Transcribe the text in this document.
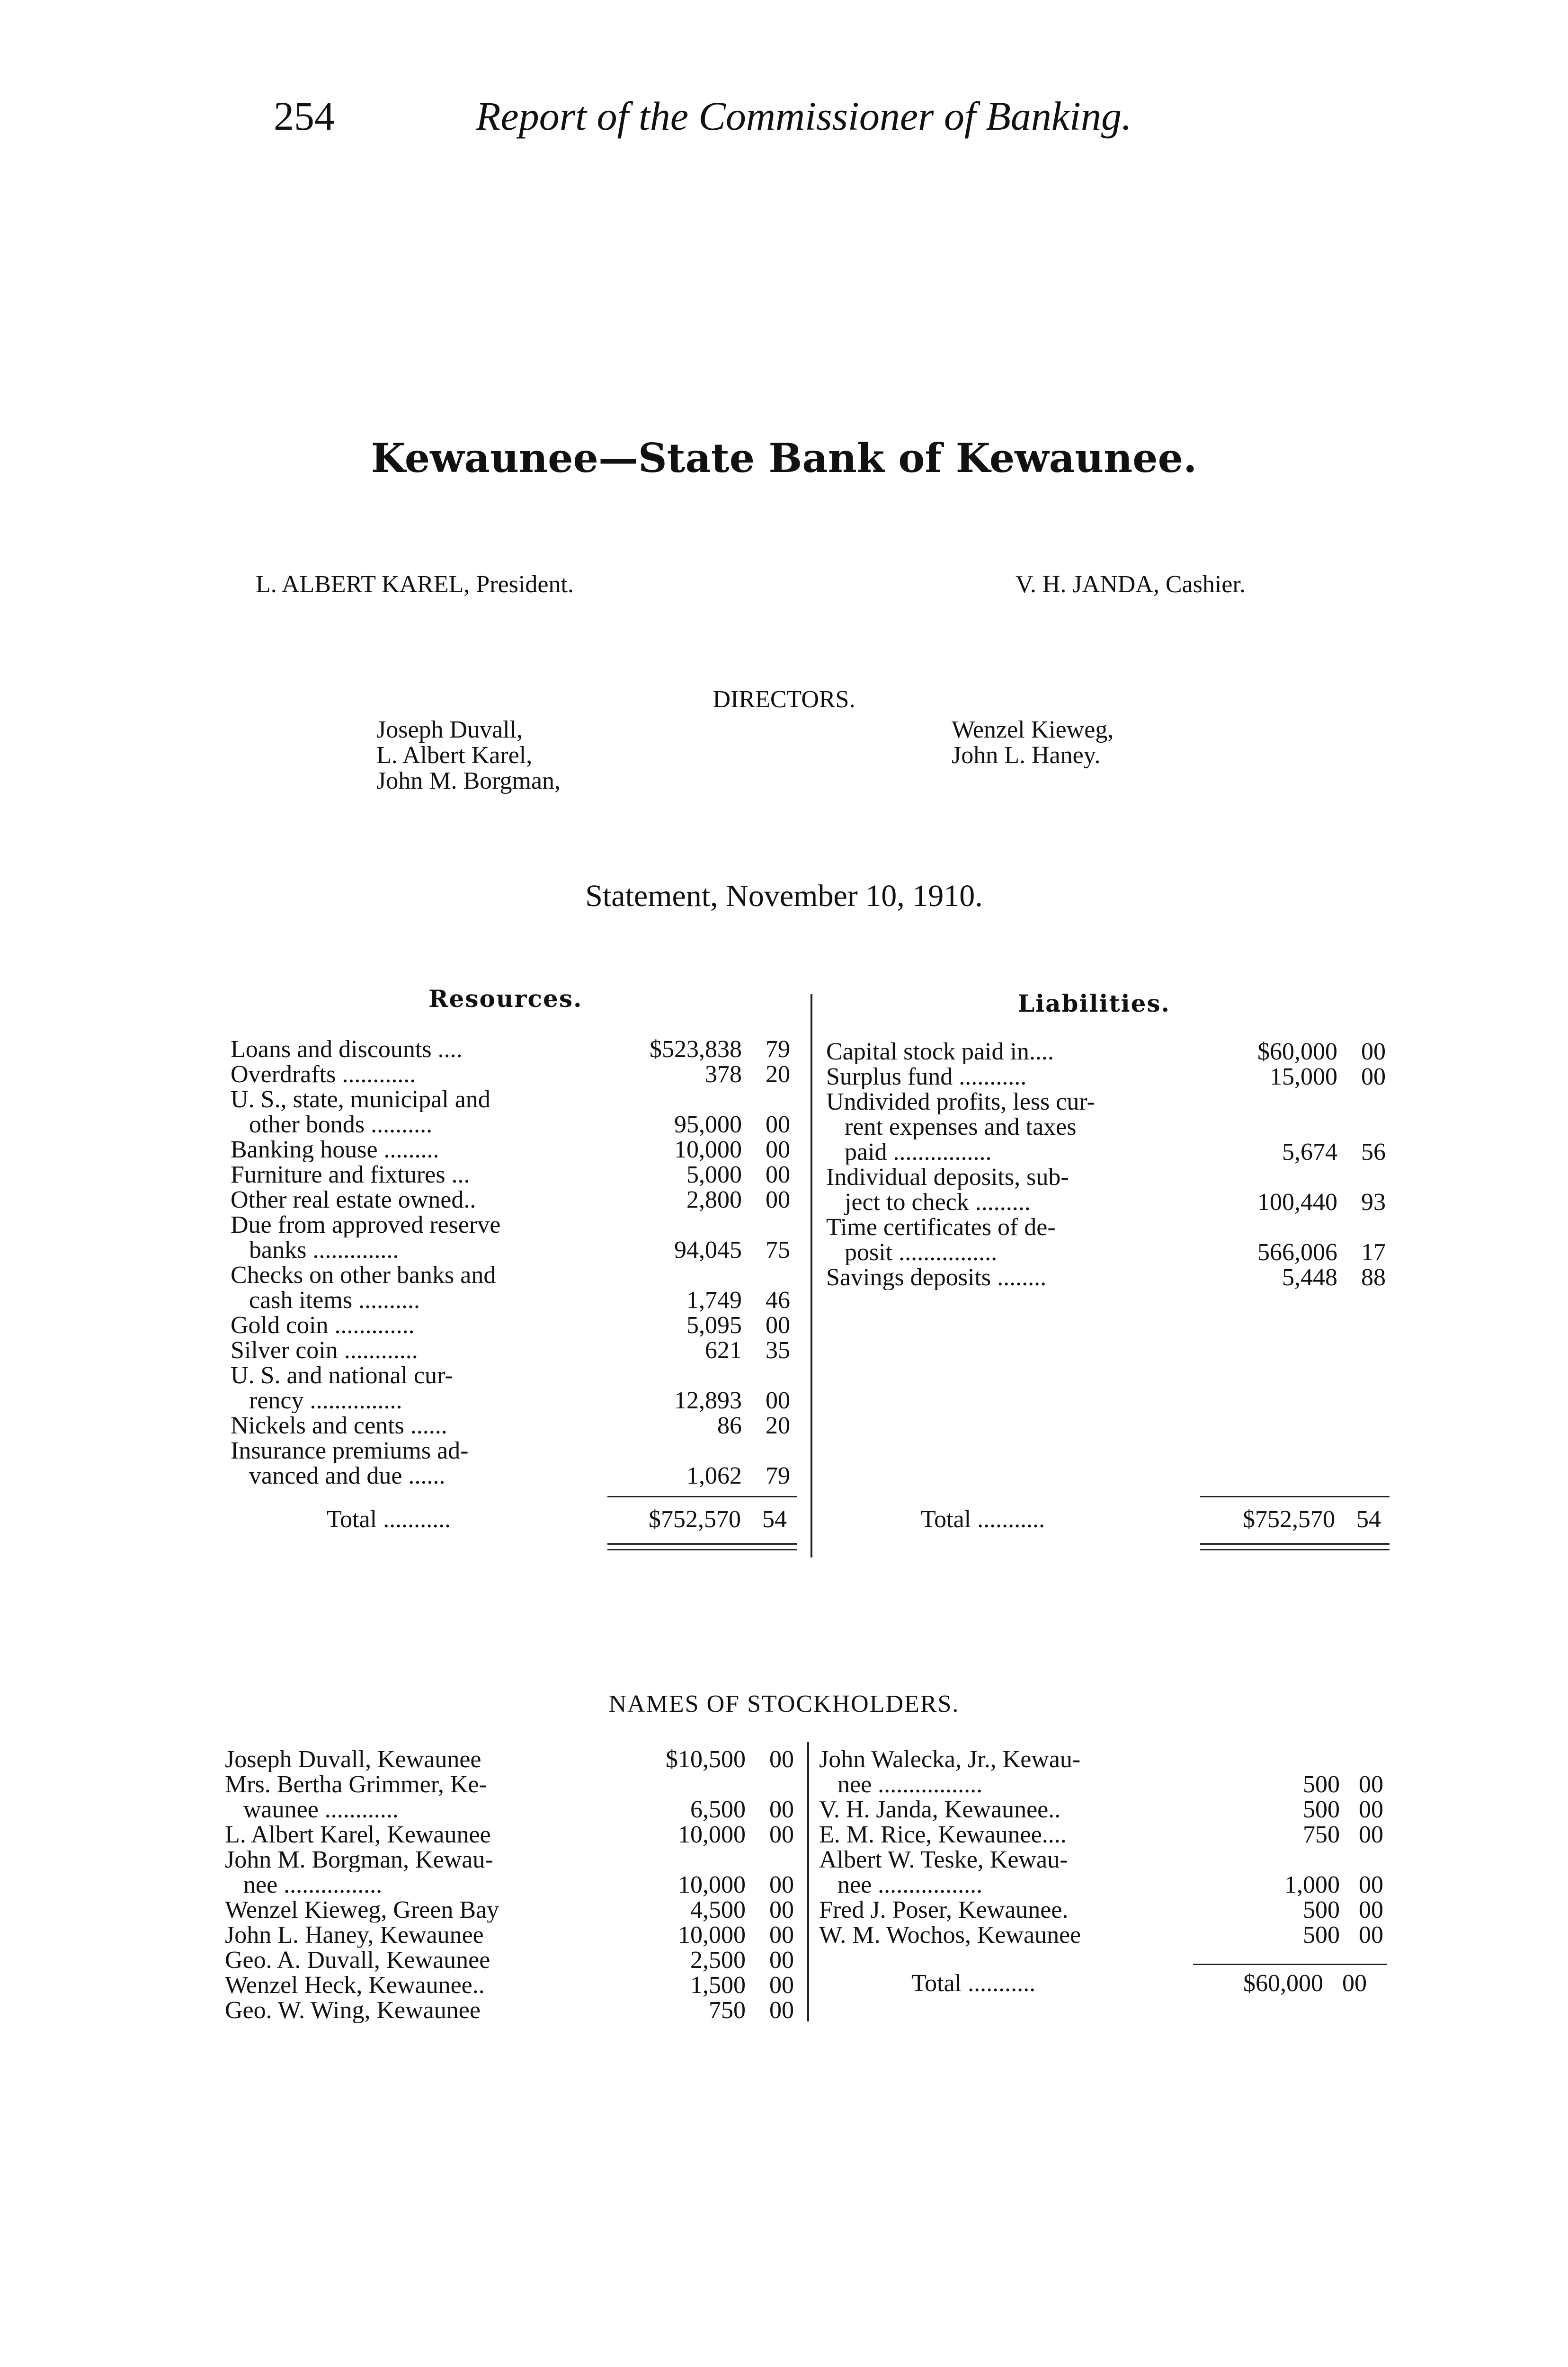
254	Report of the Commissioner of Banking.
Kewaunee—State Bank of Kewaunee.
L. ALBERT KAREL, President.	V. H. JANDA, Cashier.
DIRECTORS.
Joseph Duvall,
L. Albert Karel,
John M. Borgman,
Wenzel Kieweg,
John L. Haney.
Statement, November 10, 1910.
Resources.
Loans and discounts ....	$523,838 79
Overdrafts ............	378 20
U. S., state, municipal and
other bonds ..........	95,000 00
Banking house .........	10,000 00
Furniture and fixtures ...	5,000 00
Other real estate owned..	2,800 00
Due from approved reserve
banks ..............	94,045 75
Checks on other banks and
cash items ..........	1,749 46
Gold coin .............	5,095 00
Silver coin ............	621 35
U. S. and national cur-
rency ...............	12,893 00
Nickels and cents ......	86 20
Insurance premiums ad-
vanced and due ......	1,062 79
Liabilities.
Capital stock paid in....	$60,000 00
Surplus fund ...........	15,000 00
Undivided profits, less cur-
rent expenses and taxes
paid ................	5,674 56
Individual deposits, sub-
ject to check .........	100,440 93
Time certificates of de-
posit ................	566,006 17
Savings deposits ........	5,448 88
Total ...........	$752,570 54	Total ...........	$752,570 54
NAMES OF STOCKHOLDERS.
Joseph Duvall, Kewaunee	$10,500 00
Mrs. Bertha Grimmer, Ke-
waunee ............	6,500 00
L. Albert Karel, Kewaunee	10,000 00
John M. Borgman, Kewau-
nee ................	10,000 00
Wenzel Kieweg, Green Bay	4,500 00
John L. Haney, Kewaunee	10,000 00
Geo. A. Duvall, Kewaunee	2,500 00
Wenzel Heck, Kewaunee..	1,500 00
Geo. W. Wing, Kewaunee	750 00
John Walecka, Jr., Kewau-
nee .................	500 00
V. H. Janda, Kewaunee..	500 00
E. M. Rice, Kewaunee....	750 00
Albert W. Teske, Kewau-
nee .................	1,000 00
Fred J. Poser, Kewaunee.	500 00
W. M. Wochos, Kewaunee	500 00
Total ...........	$60,000 00
